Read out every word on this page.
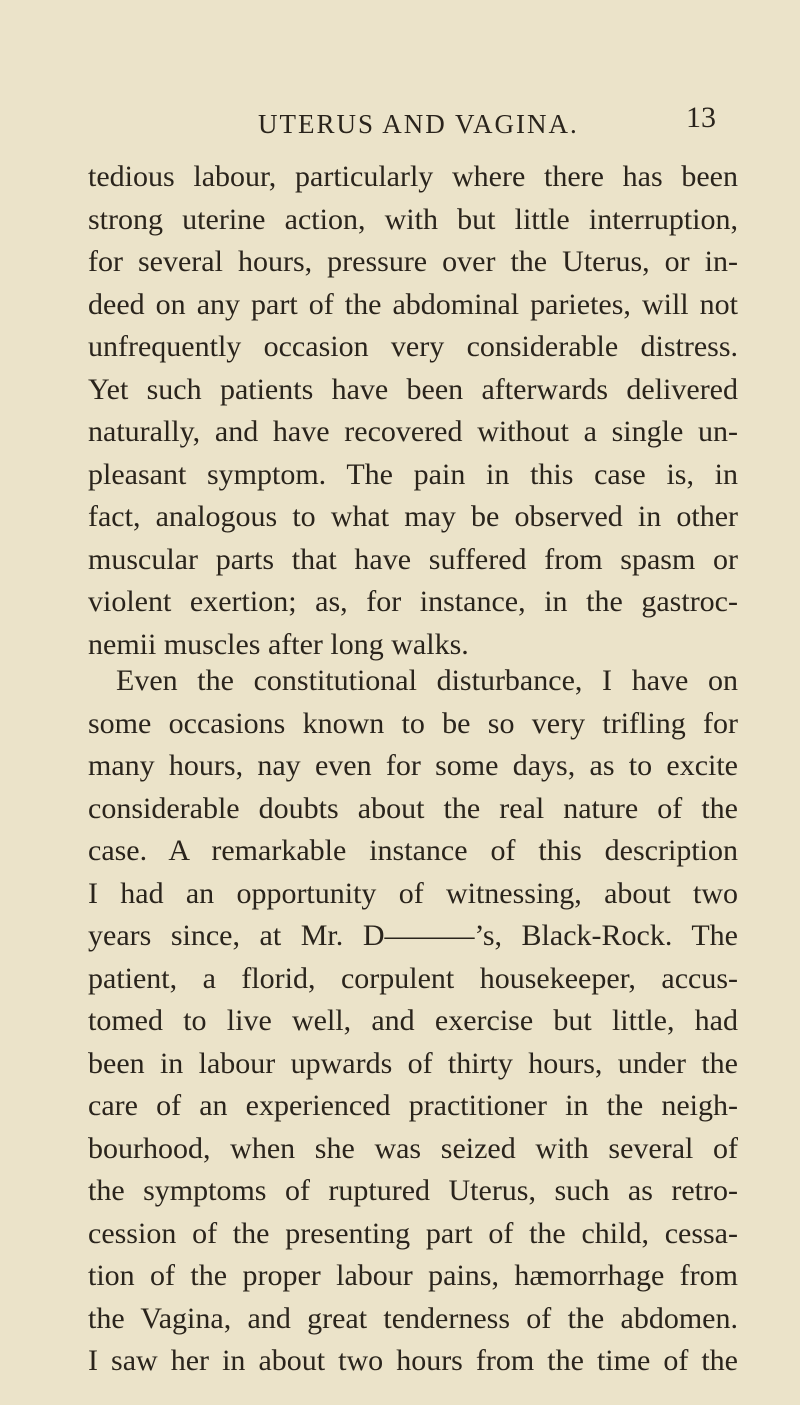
UTERUS AND VAGINA.	13
tedious labour, particularly where there has been
strong uterine action, with but little interruption,
for several hours, pressure over the Uterus, or in-
deed on any part of the abdominal parietes, will not
unfrequently occasion very considerable distress.
Yet such patients have been afterwards delivered
naturally, and have recovered without a single un-
pleasant symptom. The pain in this case is, in
fact, analogous to what may be observed in other
muscular parts that have suffered from spasm or
violent exertion; as, for instance, in the gastroc-
nemii muscles after long walks.
Even the constitutional disturbance, I have on
some occasions known to be so very trifling for
many hours, nay even for some days, as to excite
considerable doubts about the real nature of the
case. A remarkable instance of this description
I had an opportunity of witnessing, about two
years since, at Mr. D———’s, Black-Rock. The
patient, a florid, corpulent housekeeper, accus-
tomed to live well, and exercise but little, had
been in labour upwards of thirty hours, under the
care of an experienced practitioner in the neigh-
bourhood, when she was seized with several of
the symptoms of ruptured Uterus, such as retro-
cession of the presenting part of the child, cessa-
tion of the proper labour pains, hæmorrhage from
the Vagina, and great tenderness of the abdomen.
I saw her in about two hours from the time of the
